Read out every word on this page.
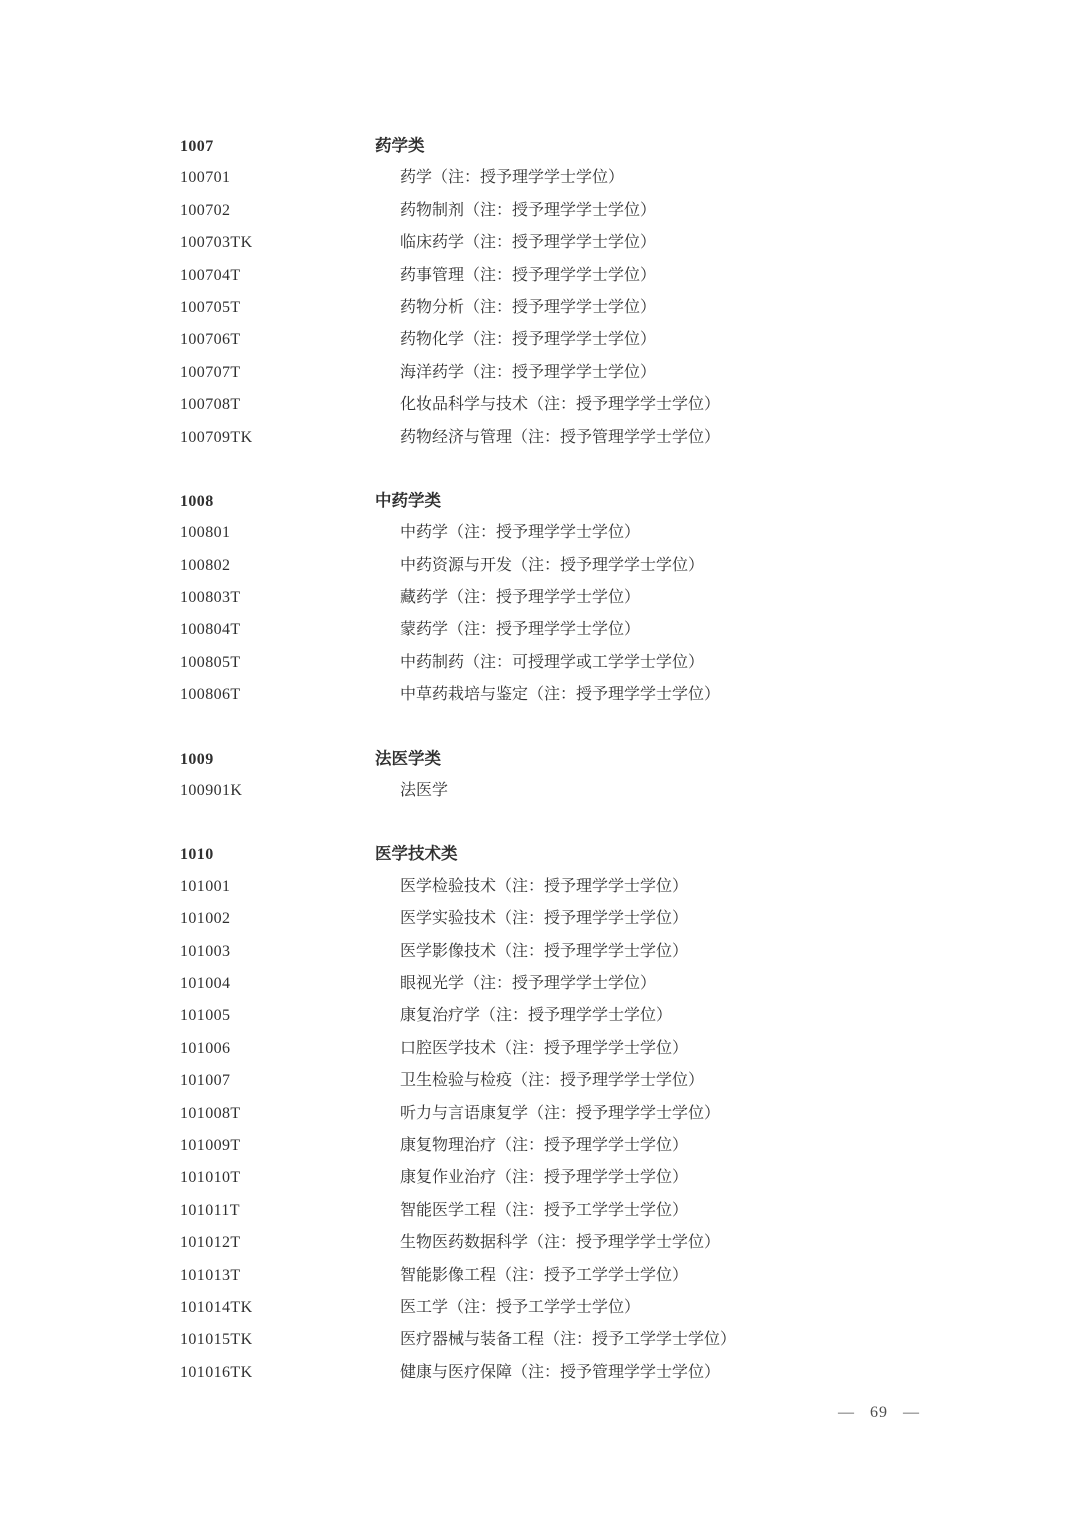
1007	药学类
100701	药学（注：授予理学学士学位）
100702	药物制剂（注：授予理学学士学位）
100703TK	临床药学（注：授予理学学士学位）
100704T	药事管理（注：授予理学学士学位）
100705T	药物分析（注：授予理学学士学位）
100706T	药物化学（注：授予理学学士学位）
100707T	海洋药学（注：授予理学学士学位）
100708T	化妆品科学与技术（注：授予理学学士学位）
100709TK	药物经济与管理（注：授予管理学学士学位）
1008	中药学类
100801	中药学（注：授予理学学士学位）
100802	中药资源与开发（注：授予理学学士学位）
100803T	藏药学（注：授予理学学士学位）
100804T	蒙药学（注：授予理学学士学位）
100805T	中药制药（注：可授理学或工学学士学位）
100806T	中草药栽培与鉴定（注：授予理学学士学位）
1009	法医学类
100901K	法医学
1010	医学技术类
101001	医学检验技术（注：授予理学学士学位）
101002	医学实验技术（注：授予理学学士学位）
101003	医学影像技术（注：授予理学学士学位）
101004	眼视光学（注：授予理学学士学位）
101005	康复治疗学（注：授予理学学士学位）
101006	口腔医学技术（注：授予理学学士学位）
101007	卫生检验与检疫（注：授予理学学士学位）
101008T	听力与言语康复学（注：授予理学学士学位）
101009T	康复物理治疗（注：授予理学学士学位）
101010T	康复作业治疗（注：授予理学学士学位）
101011T	智能医学工程（注：授予工学学士学位）
101012T	生物医药数据科学（注：授予理学学士学位）
101013T	智能影像工程（注：授予工学学士学位）
101014TK	医工学（注：授予工学学士学位）
101015TK	医疗器械与装备工程（注：授予工学学士学位）
101016TK	健康与医疗保障（注：授予管理学学士学位）
— 69 —
